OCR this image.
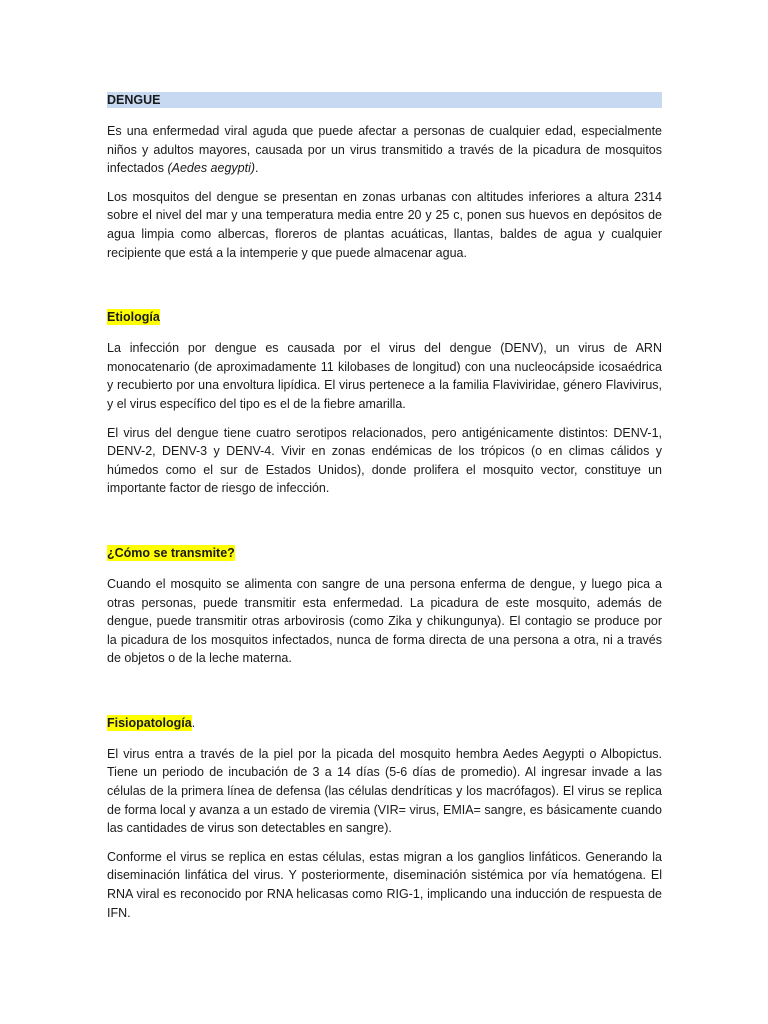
DENGUE

Es una enfermedad viral aguda que puede afectar a personas de cualquier edad, especialmente niños y adultos mayores, causada por un virus transmitido a través de la picadura de mosquitos infectados (Aedes aegypti).

Los mosquitos del dengue se presentan en zonas urbanas con altitudes inferiores a altura 2314 sobre el nivel del mar y una temperatura media entre 20 y 25 c, ponen sus huevos en depósitos de agua limpia como albercas, floreros de plantas acuáticas, llantas, baldes de agua y cualquier recipiente que está a la intemperie y que puede almacenar agua.

Etiología

La infección por dengue es causada por el virus del dengue (DENV), un virus de ARN monocatenario (de aproximadamente 11 kilobases de longitud) con una nucleocápside icosaédrica y recubierto por una envoltura lipídica. El virus pertenece a la familia Flaviviridae, género Flavivirus, y el virus específico del tipo es el de la fiebre amarilla.

El virus del dengue tiene cuatro serotipos relacionados, pero antigénicamente distintos: DENV-1, DENV-2, DENV-3 y DENV-4. Vivir en zonas endémicas de los trópicos (o en climas cálidos y húmedos como el sur de Estados Unidos), donde prolifera el mosquito vector, constituye un importante factor de riesgo de infección.

¿Cómo se transmite?

Cuando el mosquito se alimenta con sangre de una persona enferma de dengue, y luego pica a otras personas, puede transmitir esta enfermedad. La picadura de este mosquito, además de dengue, puede transmitir otras arbovirosis (como Zika y chikungunya). El contagio se produce por la picadura de los mosquitos infectados, nunca de forma directa de una persona a otra, ni a través de objetos o de la leche materna.

Fisiopatología.

El virus entra a través de la piel por la picada del mosquito hembra Aedes Aegypti o Albopictus. Tiene un periodo de incubación de 3 a 14 días (5-6 días de promedio). Al ingresar invade a las células de la primera línea de defensa (las células dendríticas y los macrófagos). El virus se replica de forma local y avanza a un estado de viremia (VIR= virus, EMIA= sangre, es básicamente cuando las cantidades de virus son detectables en sangre).

Conforme el virus se replica en estas células, estas migran a los ganglios linfáticos. Generando la diseminación linfática del virus. Y posteriormente, diseminación sistémica por vía hematógena. El RNA viral es reconocido por RNA helicasas como RIG-1, implicando una inducción de respuesta de IFN.
